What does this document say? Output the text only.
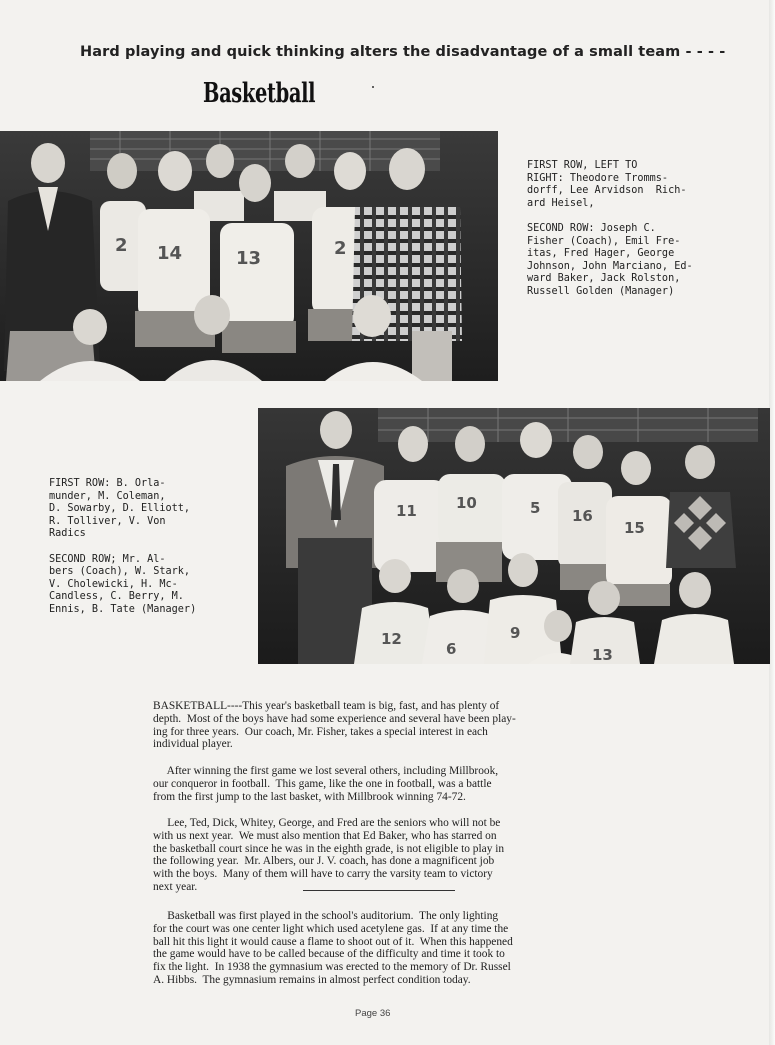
Hard playing and quick thinking alters the disadvantage of a small team - - - -
Basketball
2 14	13	2
FIRST ROW, LEFT TO
RIGHT: Theodore Tromms-
dorff, Lee Arvidson  Rich-
ard Heisel,

SECOND ROW: Joseph C.
Fisher (Coach), Emil Fre-
itas, Fred Hager, George
Johnson, John Marciano, Ed-
ward Baker, Jack Rolston,
Russell Golden (Manager)
11	10	5 16
15
12
6
9
13
FIRST ROW: B. Orla-
munder, M. Coleman,
D. Sowarby, D. Elliott,
R. Tolliver, V. Von
Radics

SECOND ROW; Mr. Al-
bers (Coach), W. Stark,
V. Cholewicki, H. Mc-
Candless, C. Berry, M.
Ennis, B. Tate (Manager)
BASKETBALL----This year's basketball team is big, fast, and has plenty of
depth.  Most of the boys have had some experience and several have been play-
ing for three years.  Our coach, Mr. Fisher, takes a special interest in each
individual player.
After winning the first game we lost several others, including Millbrook,
our conqueror in football.  This game, like the one in football, was a battle
from the first jump to the last basket, with Millbrook winning 74-72.
Lee, Ted, Dick, Whitey, George, and Fred are the seniors who will not be
with us next year.  We must also mention that Ed Baker, who has starred on
the basketball court since he was in the eighth grade, is not eligible to play in
the following year.  Mr. Albers, our J. V. coach, has done a magnificent job
with the boys.  Many of them will have to carry the varsity team to victory
next year.
Basketball was first played in the school's auditorium.  The only lighting
for the court was one center light which used acetylene gas.  If at any time the
ball hit this light it would cause a flame to shoot out of it.  When this happened
the game would have to be called because of the difficulty and time it took to
fix the light.  In 1938 the gymnasium was erected to the memory of Dr. Russel
A. Hibbs.  The gymnasium remains in almost perfect condition today.
Page 36
